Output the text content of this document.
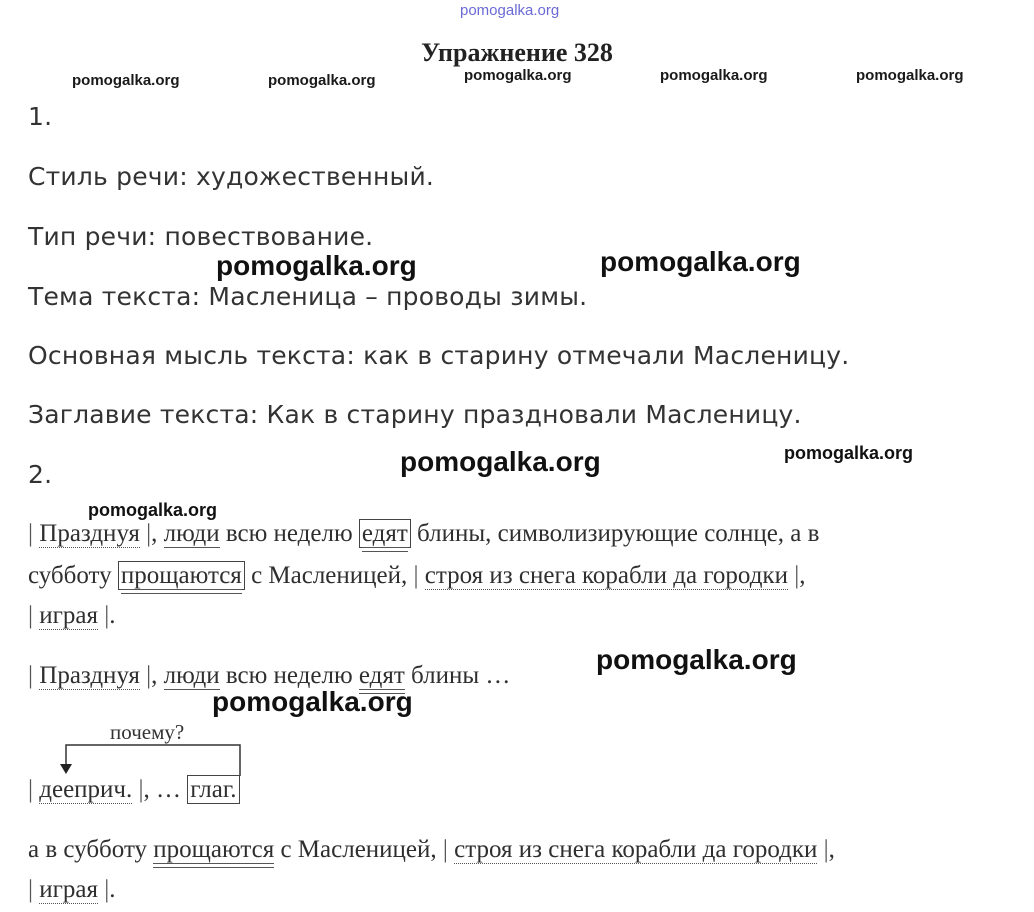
pomogalka.org
Упражнение 328
pomogalka.org	pomogalka.org	pomogalka.org	pomogalka.org	pomogalka.org
pomogalka.org	pomogalka.org
pomogalka.org	pomogalka.org
pomogalka.org
pomogalka.org
pomogalka.org
1.
Стиль речи: художественный.
Тип речи: повествование.
Тема текста: Масленица – проводы зимы.
Основная мысль текста: как в старину отмечали Масленицу.
Заглавие текста: Как в старину праздновали Масленицу.
2.
| Празднуя |, люди всю неделю едят блины, символизирующие солнце, а в
субботу прощаются с Масленицей, | строя из снега корабли да городки |,
| играя |.
| Празднуя |, люди всю неделю едят блины …
почему?
| дееприч. |, … глаг.
а в субботу прощаются с Масленицей, | строя из снега корабли да городки |,
| играя |.
